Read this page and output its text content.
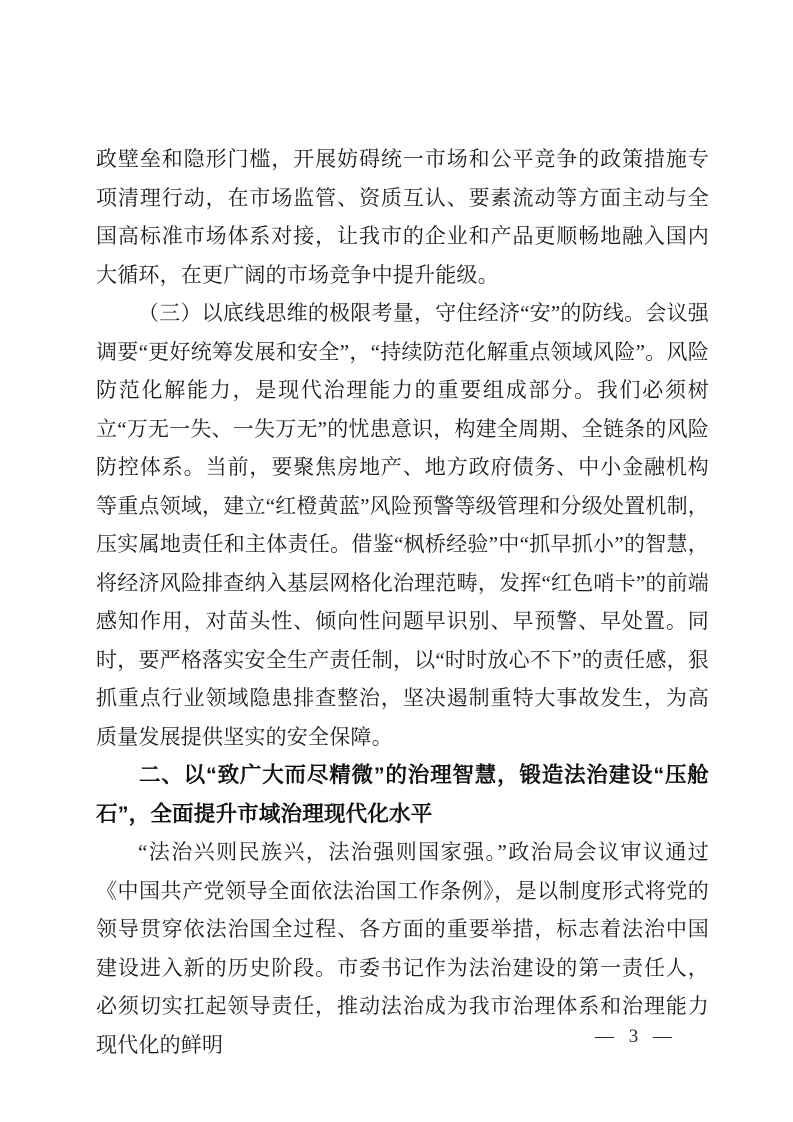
政壁垒和隐形门槛，开展妨碍统一市场和公平竞争的政策措施专项清理行动，在市场监管、资质互认、要素流动等方面主动与全国高标准市场体系对接，让我市的企业和产品更顺畅地融入国内大循环，在更广阔的市场竞争中提升能级。

（三）以底线思维的极限考量，守住经济“安”的防线。会议强调要“更好统筹发展和安全”，“持续防范化解重点领域风险”。风险防范化解能力，是现代治理能力的重要组成部分。我们必须树立“万无一失、一失万无”的忧患意识，构建全周期、全链条的风险防控体系。当前，要聚焦房地产、地方政府债务、中小金融机构等重点领域，建立“红橙黄蓝”风险预警等级管理和分级处置机制，压实属地责任和主体责任。借鉴“枫桥经验”中“抓早抓小”的智慧，将经济风险排查纳入基层网格化治理范畴，发挥“红色哨卡”的前端感知作用，对苗头性、倾向性问题早识别、早预警、早处置。同时，要严格落实安全生产责任制，以“时时放心不下”的责任感，狠抓重点行业领域隐患排查整治，坚决遏制重特大事故发生，为高质量发展提供坚实的安全保障。

二、以“致广大而尽精微”的治理智慧，锻造法治建设“压舱石”，全面提升市域治理现代化水平

“法治兴则民族兴，法治强则国家强。”政治局会议审议通过《中国共产党领导全面依法治国工作条例》，是以制度形式将党的领导贯穿依法治国全过程、各方面的重要举措，标志着法治中国建设进入新的历史阶段。市委书记作为法治建设的第一责任人，必须切实扛起领导责任，推动法治成为我市治理体系和治理能力现代化的鲜明	— 3 —
